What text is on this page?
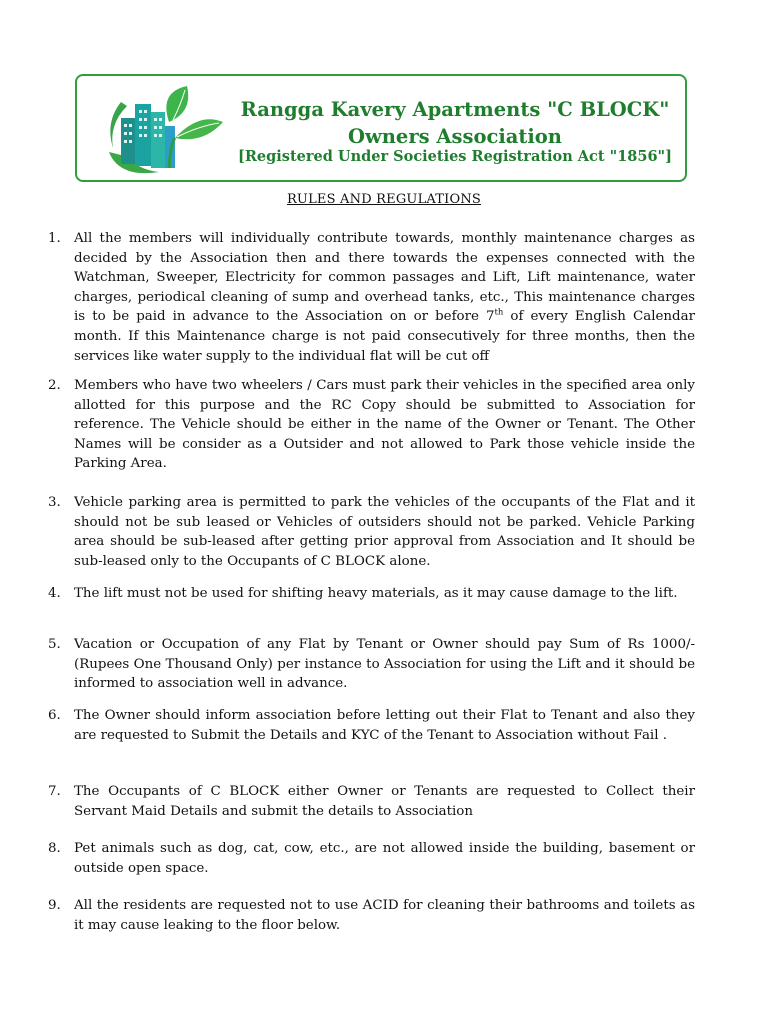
Rangga Kavery Apartments "C BLOCK"
Owners Association
[Registered Under Societies Registration Act "1856"]
RULES AND REGULATIONS
1. All the members will individually contribute towards, monthly maintenance charges as decided by the Association then and there towards the expenses connected with the Watchman, Sweeper, Electricity for common passages and Lift, Lift maintenance, water charges, periodical cleaning of sump and overhead tanks, etc., This maintenance charges is to be paid in advance to the Association on or before 7th of every English Calendar month. If this Maintenance charge is not paid consecutively for three months, then the services like water supply to the individual flat will be cut off
2. Members who have two wheelers / Cars must park their vehicles in the specified area only allotted for this purpose and the RC Copy should be submitted to Association for reference. The Vehicle should be either in the name of the Owner or Tenant. The Other Names will be consider as a Outsider and not allowed to Park those vehicle inside the Parking Area.
3. Vehicle parking area is permitted to park the vehicles of the occupants of the Flat and it should not be sub leased or Vehicles of outsiders should not be parked. Vehicle Parking area should be sub-leased after getting prior approval from Association and It should be sub-leased only to the Occupants of C BLOCK alone.
4. The lift must not be used for shifting heavy materials, as it may cause damage to the lift.
5. Vacation or Occupation of any Flat by Tenant or Owner should pay Sum of Rs 1000/- (Rupees One Thousand Only) per instance to Association for using the Lift and it should be informed to association well in advance.
6. The Owner should inform association before letting out their Flat to Tenant and also they are requested to Submit the Details and KYC of the Tenant to Association without Fail .
7. The Occupants of C BLOCK either Owner or Tenants are requested to Collect their Servant Maid Details and submit the details to Association
8. Pet animals such as dog, cat, cow, etc., are not allowed inside the building, basement or outside open space.
9. All the residents are requested not to use ACID for cleaning their bathrooms and toilets as it may cause leaking to the floor below.
